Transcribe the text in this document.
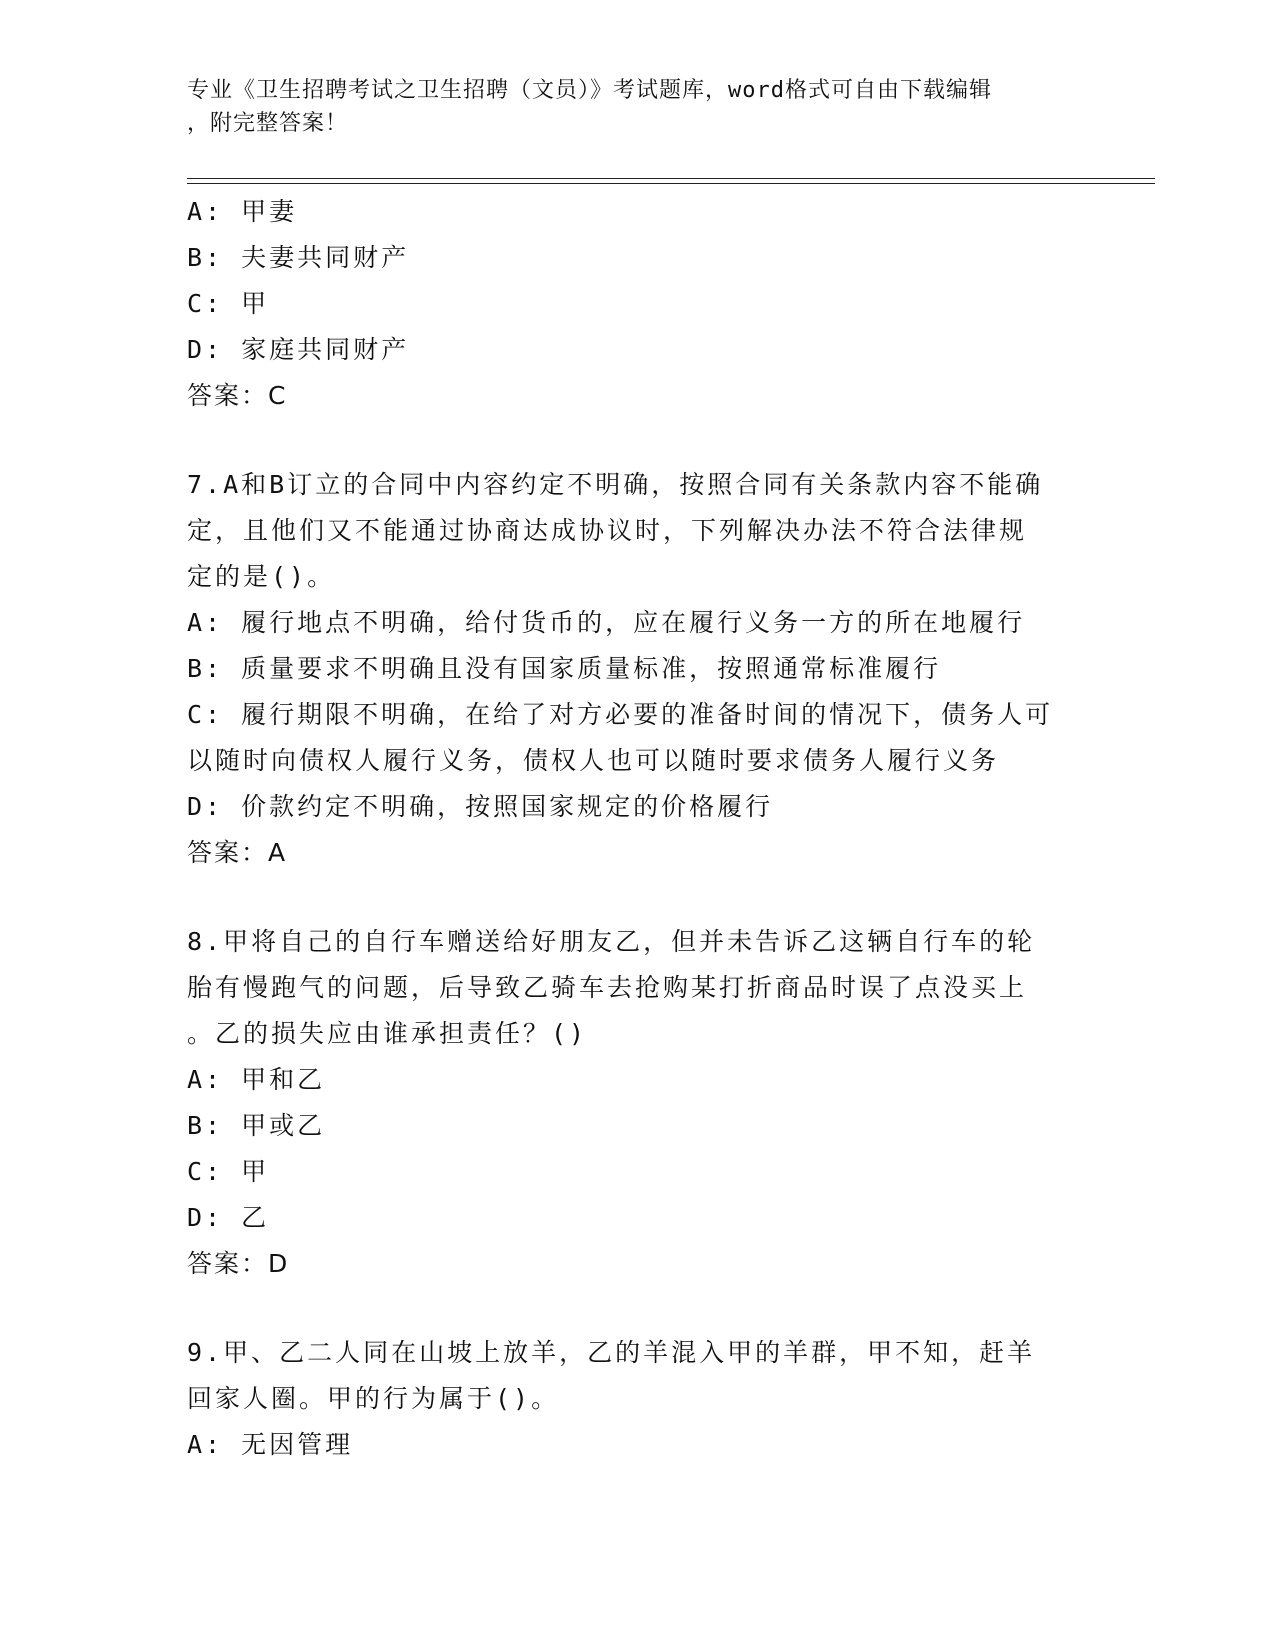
专业《卫生招聘考试之卫生招聘（文员）》考试题库，word格式可自由下载编辑
，附完整答案！
A: 甲妻
B: 夫妻共同财产
C: 甲
D: 家庭共同财产
答案：C
7.A和B订立的合同中内容约定不明确，按照合同有关条款内容不能确
定，且他们又不能通过协商达成协议时，下列解决办法不符合法律规
定的是()。
A: 履行地点不明确，给付货币的，应在履行义务一方的所在地履行
B: 质量要求不明确且没有国家质量标准，按照通常标准履行
C: 履行期限不明确，在给了对方必要的准备时间的情况下，债务人可
以随时向债权人履行义务，债权人也可以随时要求债务人履行义务
D: 价款约定不明确，按照国家规定的价格履行
答案：A
8.甲将自己的自行车赠送给好朋友乙，但并未告诉乙这辆自行车的轮
胎有慢跑气的问题，后导致乙骑车去抢购某打折商品时误了点没买上
。乙的损失应由谁承担责任？()
A: 甲和乙
B: 甲或乙
C: 甲
D: 乙
答案：D
9.甲、乙二人同在山坡上放羊，乙的羊混入甲的羊群，甲不知，赶羊
回家人圈。甲的行为属于()。
A: 无因管理
